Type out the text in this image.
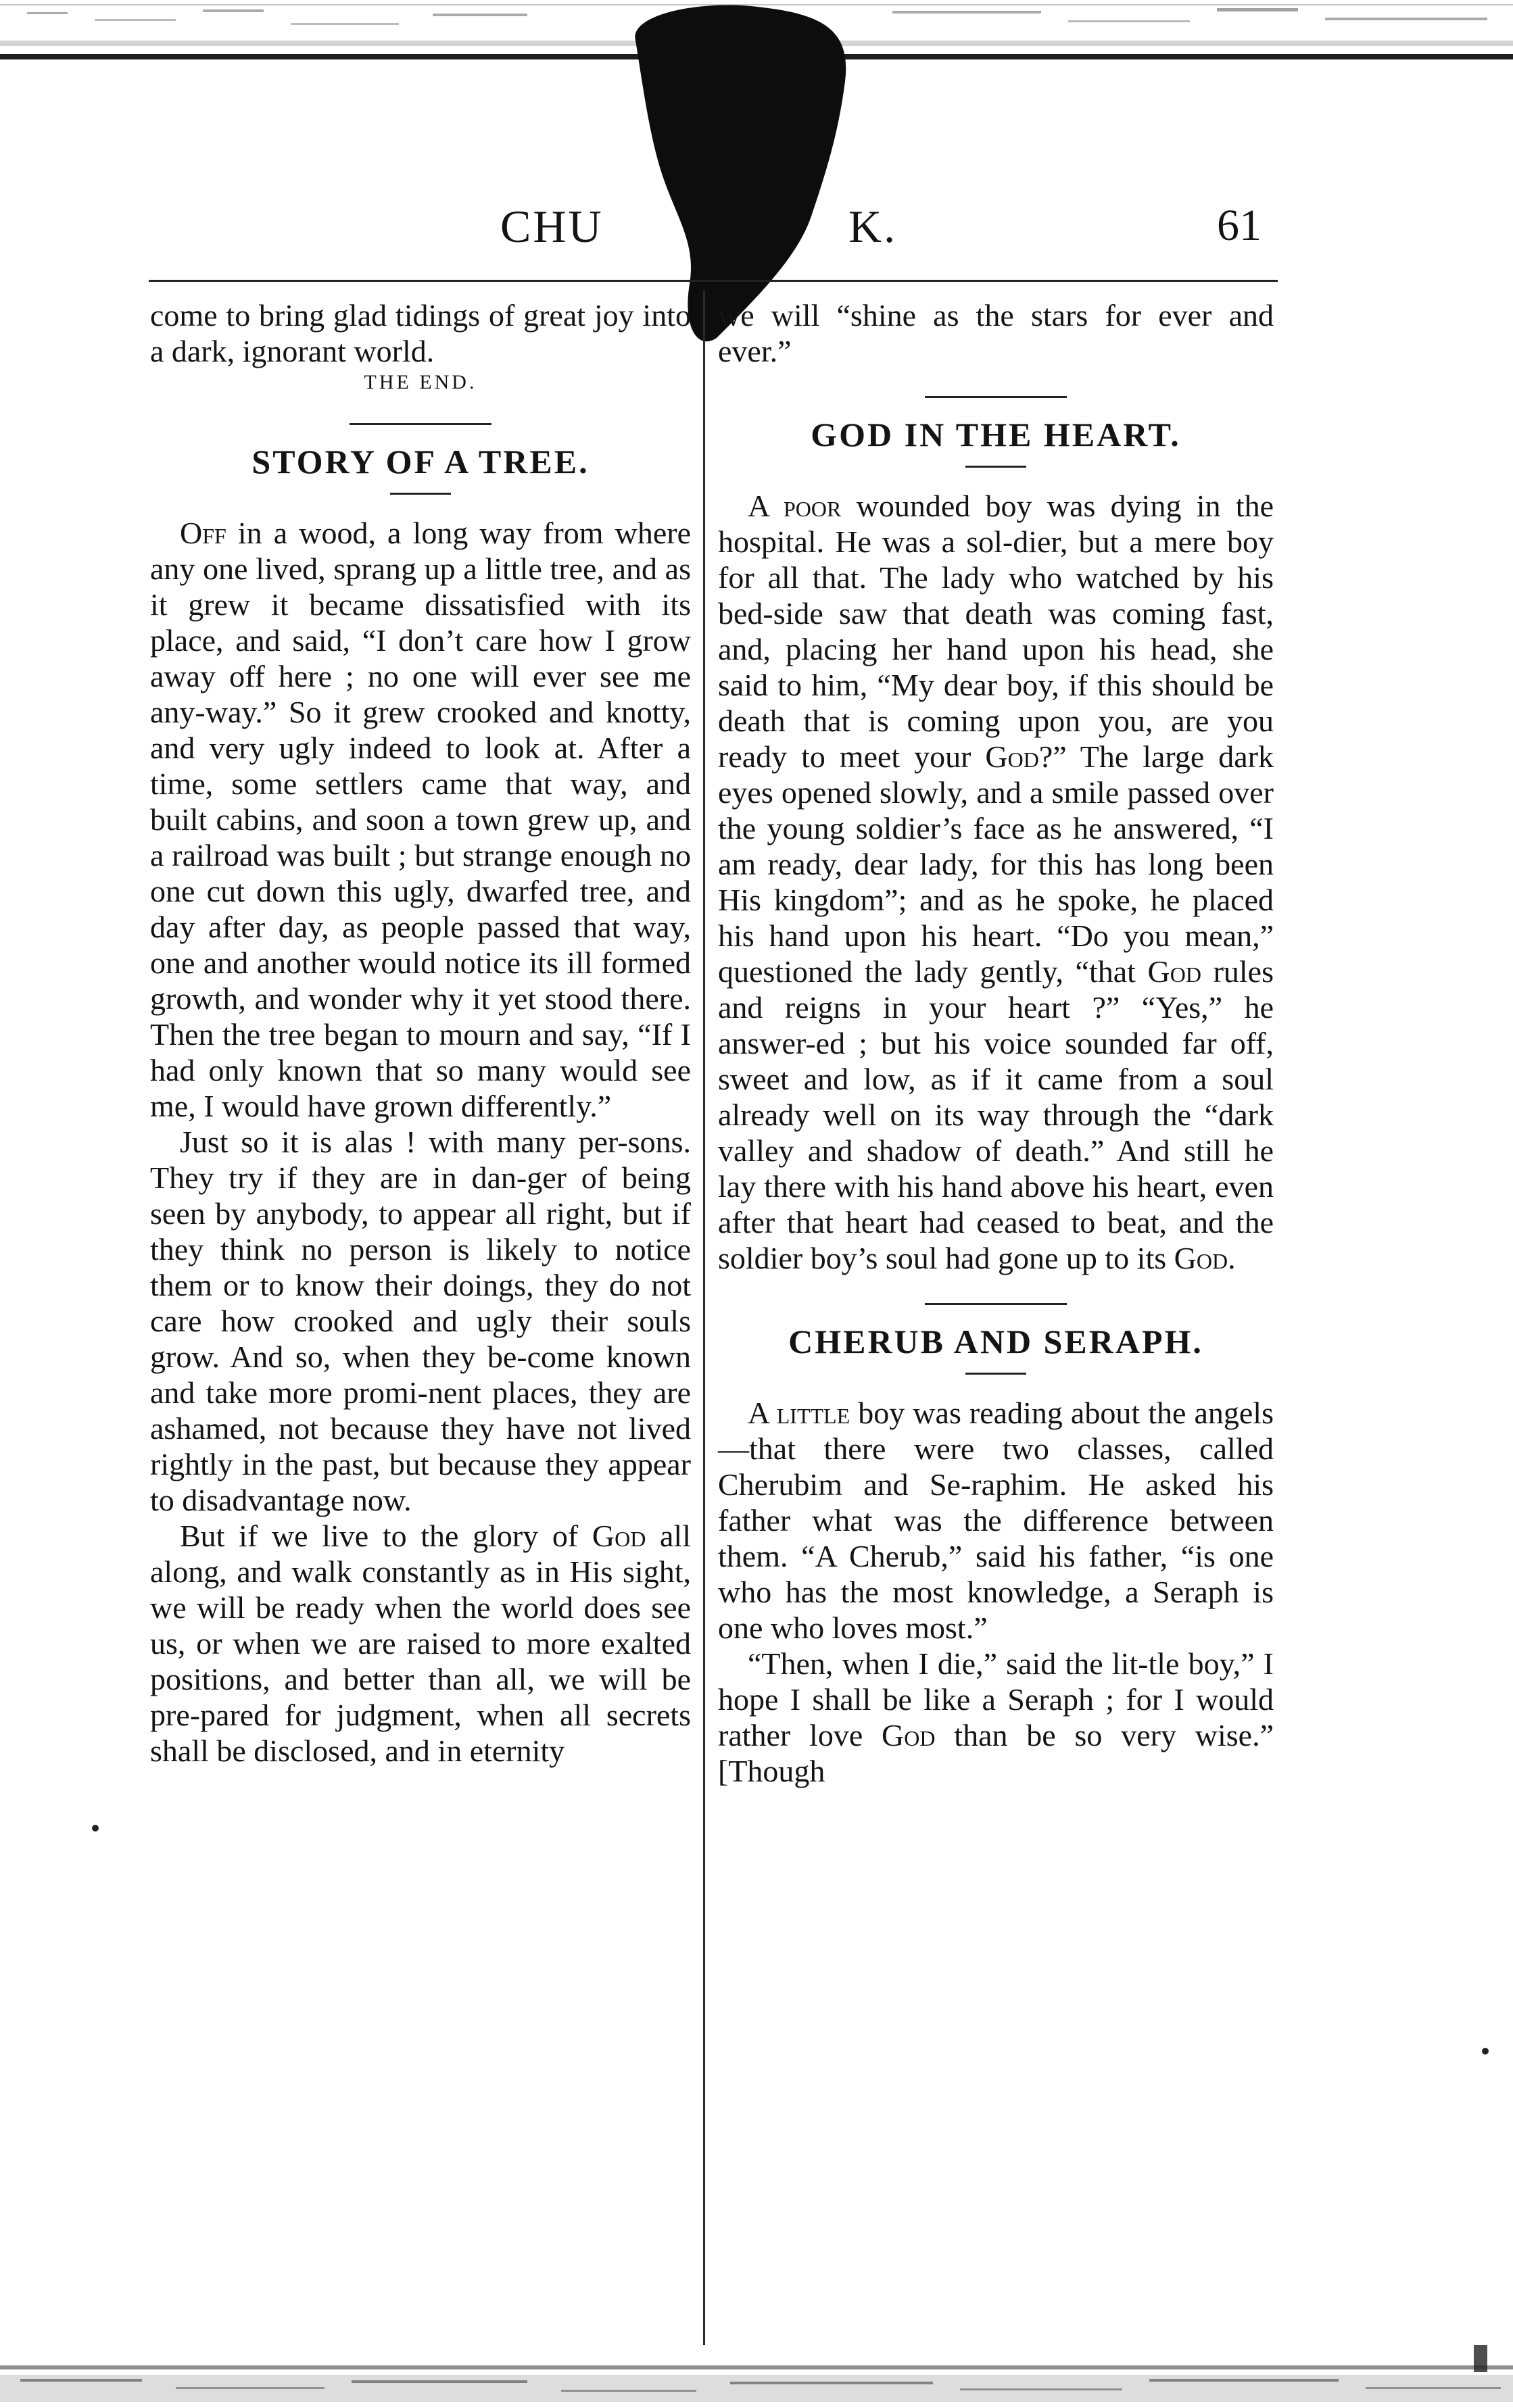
CHU	K.	61

come to bring glad tidings of great joy into a dark, ignorant world.

THE END.

STORY OF A TREE.

Off in a wood, a long way from where any one lived, sprang up a little tree, and as it grew it became dissatisfied with its place, and said, “I don’t care how I grow away off here ; no one will ever see me any-way.” So it grew crooked and knotty, and very ugly indeed to look at. After a time, some settlers came that way, and built cabins, and soon a town grew up, and a railroad was built ; but strange enough no one cut down this ugly, dwarfed tree, and day after day, as people passed that way, one and another would notice its ill formed growth, and wonder why it yet stood there. Then the tree began to mourn and say, “If I had only known that so many would see me, I would have grown differently.”

Just so it is alas ! with many per-sons. They try if they are in dan-ger of being seen by anybody, to appear all right, but if they think no person is likely to notice them or to know their doings, they do not care how crooked and ugly their souls grow. And so, when they be-come known and take more promi-nent places, they are ashamed, not because they have not lived rightly in the past, but because they appear to disadvantage now.

But if we live to the glory of God all along, and walk constantly as in His sight, we will be ready when the world does see us, or when we are raised to more exalted positions, and better than all, we will be pre-pared for judgment, when all secrets shall be disclosed, and in eternity

we will “shine as the stars for ever and ever.”

GOD IN THE HEART.

A poor wounded boy was dying in the hospital. He was a sol-dier, but a mere boy for all that. The lady who watched by his bed-side saw that death was coming fast, and, placing her hand upon his head, she said to him, “My dear boy, if this should be death that is coming upon you, are you ready to meet your God?” The large dark eyes opened slowly, and a smile passed over the young soldier’s face as he answered, “I am ready, dear lady, for this has long been His kingdom”; and as he spoke, he placed his hand upon his heart. “Do you mean,” questioned the lady gently, “that God rules and reigns in your heart ?” “Yes,” he answer-ed ; but his voice sounded far off, sweet and low, as if it came from a soul already well on its way through the “dark valley and shadow of death.” And still he lay there with his hand above his heart, even after that heart had ceased to beat, and the soldier boy’s soul had gone up to its God.

CHERUB AND SERAPH.

A little boy was reading about the angels—that there were two classes, called Cherubim and Se-raphim. He asked his father what was the difference between them. “A Cherub,” said his father, “is one who has the most knowledge, a Seraph is one who loves most.”

“Then, when I die,” said the lit-tle boy,” I hope I shall be like a Seraph ; for I would rather love God than be so very wise.” [Though
